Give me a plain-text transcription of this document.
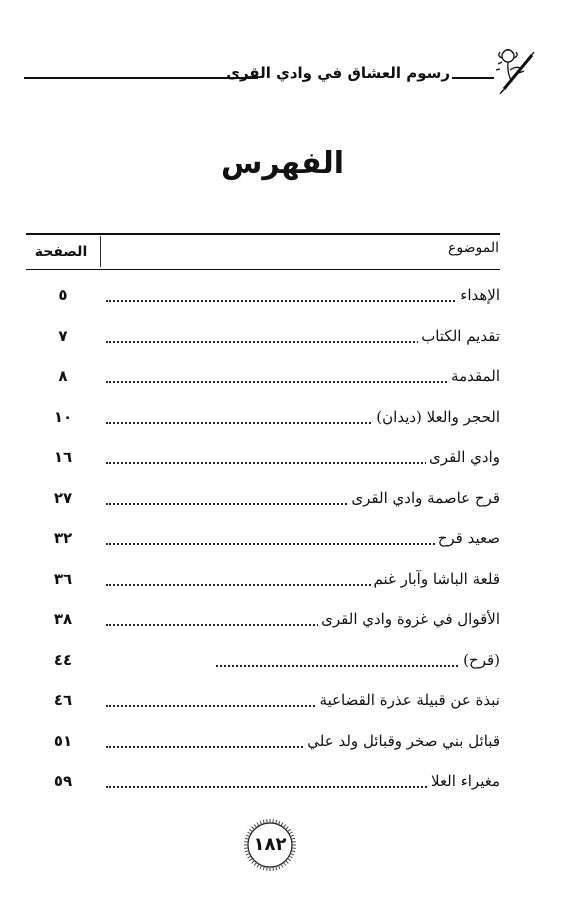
رسوم العشاق في وادي القرى
الفهرس
الموضوع
الصفحة
الإهداء
٥
تقديم الكتاب
٧
المقدمة
٨
الحجر والعلا (ديدان)
١٠
وادي القرى
١٦
قرح عاصمة وادي القرى
٢٧
صعيد قرح
٣٢
قلعة الباشا وآبار غنم
٣٦
الأقوال في غزوة وادي القرى
٣٨
(قرح)
٤٤
نبذة عن قبيلة عذرة القضاعية
٤٦
قبائل بني صخر وقبائل ولد علي
٥١
مغيراء العلا
٥٩
١٨٢
